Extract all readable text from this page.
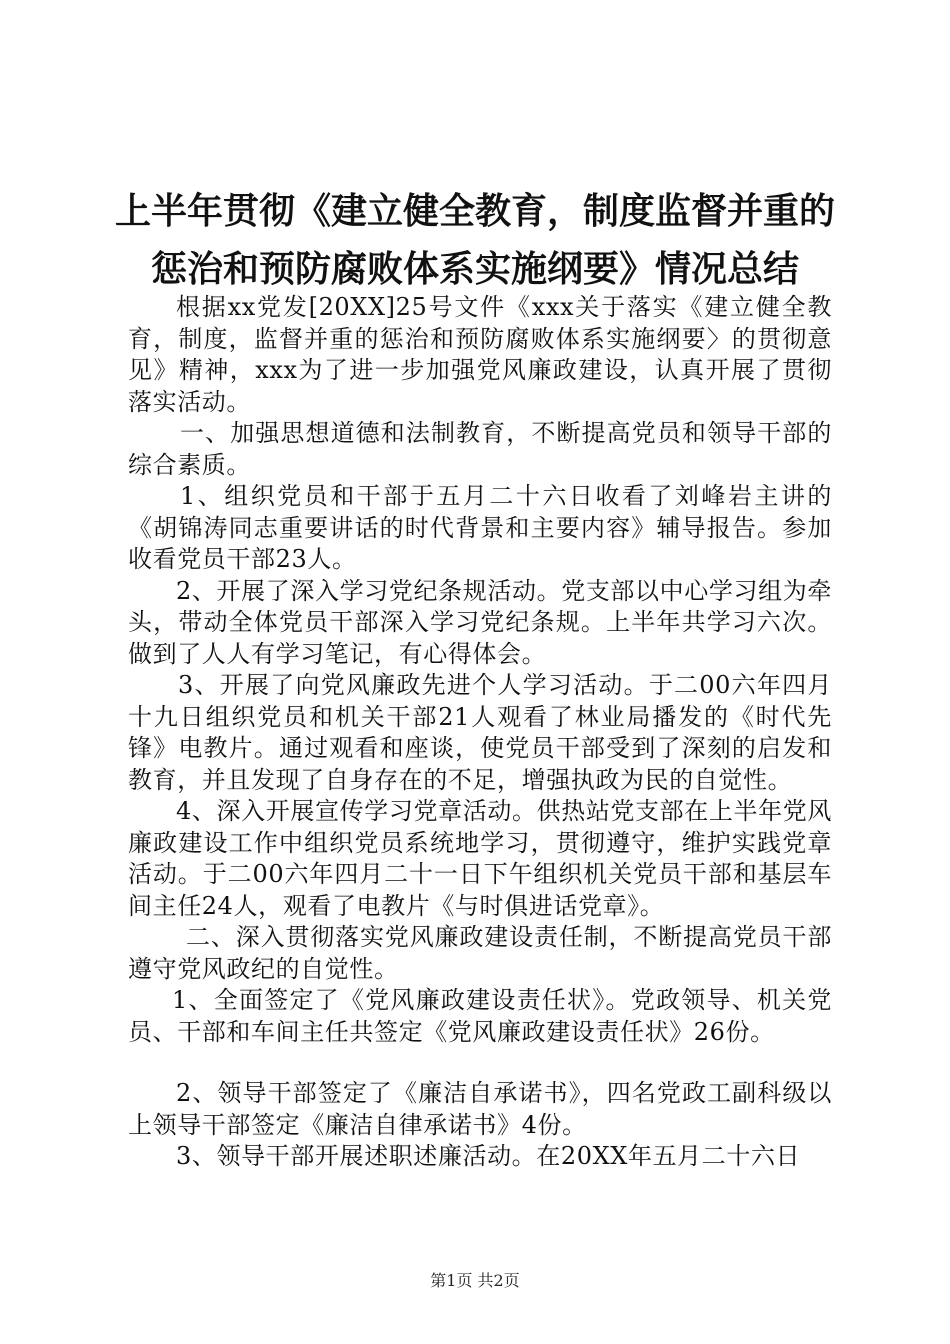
上半年贯彻《建立健全教育，制度监督并重的
惩治和预防腐败体系实施纲要》情况总结

根据xx党发[20XX]25号文件《xxx关于落实《建立健全教育，制度，监督并重的惩治和预防腐败体系实施纲要〉的贯彻意见》精神，xxx为了进一步加强党风廉政建设，认真开展了贯彻落实活动。

一、加强思想道德和法制教育，不断提高党员和领导干部的综合素质。

1、组织党员和干部于五月二十六日收看了刘峰岩主讲的《胡锦涛同志重要讲话的时代背景和主要内容》辅导报告。参加收看党员干部23人。

2、开展了深入学习党纪条规活动。党支部以中心学习组为牵头，带动全体党员干部深入学习党纪条规。上半年共学习六次。做到了人人有学习笔记，有心得体会。

3、开展了向党风廉政先进个人学习活动。于二00六年四月十九日组织党员和机关干部21人观看了林业局播发的《时代先锋》电教片。通过观看和座谈，使党员干部受到了深刻的启发和教育，并且发现了自身存在的不足，增强执政为民的自觉性。

4、深入开展宣传学习党章活动。供热站党支部在上半年党风廉政建设工作中组织党员系统地学习，贯彻遵守，维护实践党章活动。于二00六年四月二十一日下午组织机关党员干部和基层车间主任24人，观看了电教片《与时俱进话党章》。

二、深入贯彻落实党风廉政建设责任制，不断提高党员干部遵守党风政纪的自觉性。

1、全面签定了《党风廉政建设责任状》。党政领导、机关党员、干部和车间主任共签定《党风廉政建设责任状》26份。

2、领导干部签定了《廉洁自承诺书》，四名党政工副科级以上领导干部签定《廉洁自律承诺书》4份。

3、领导干部开展述职述廉活动。在20XX年五月二十六日

第1页 共2页
